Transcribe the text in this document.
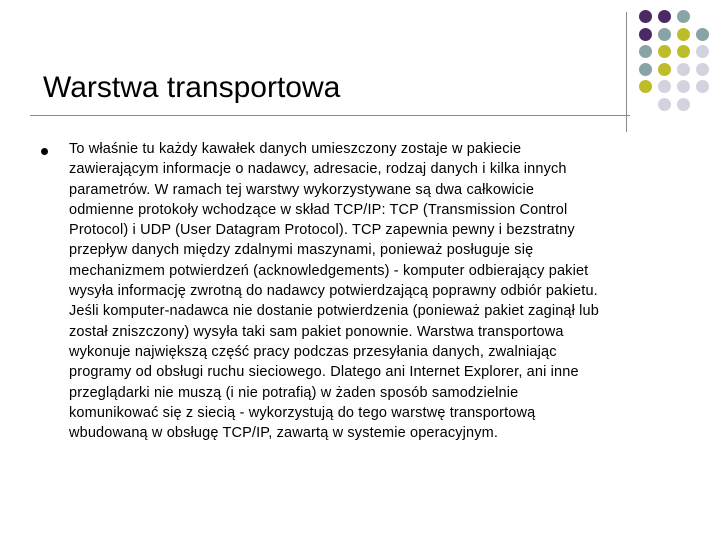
Warstwa transportowa
To właśnie tu każdy kawałek danych umieszczony zostaje w pakiecie
zawierającym informacje o nadawcy, adresacie, rodzaj danych i kilka innych
parametrów. W ramach tej warstwy wykorzystywane są dwa całkowicie
odmienne protokoły wchodzące w skład TCP/IP: TCP (Transmission Control
Protocol) i UDP (User Datagram Protocol). TCP zapewnia pewny i bezstratny
przepływ danych między zdalnymi maszynami, ponieważ posługuje się
mechanizmem potwierdzeń (acknowledgements) - komputer odbierający pakiet
wysyła informację zwrotną do nadawcy potwierdzającą poprawny odbiór pakietu.
Jeśli komputer-nadawca nie dostanie potwierdzenia (ponieważ pakiet zaginął lub
został zniszczony) wysyła taki sam pakiet ponownie. Warstwa transportowa
wykonuje największą część pracy podczas przesyłania danych, zwalniając
programy od obsługi ruchu sieciowego. Dlatego ani Internet Explorer, ani inne
przeglądarki nie muszą (i nie potrafią) w żaden sposób samodzielnie
komunikować się z siecią - wykorzystują do tego warstwę transportową
wbudowaną w obsługę TCP/IP, zawartą w systemie operacyjnym.
